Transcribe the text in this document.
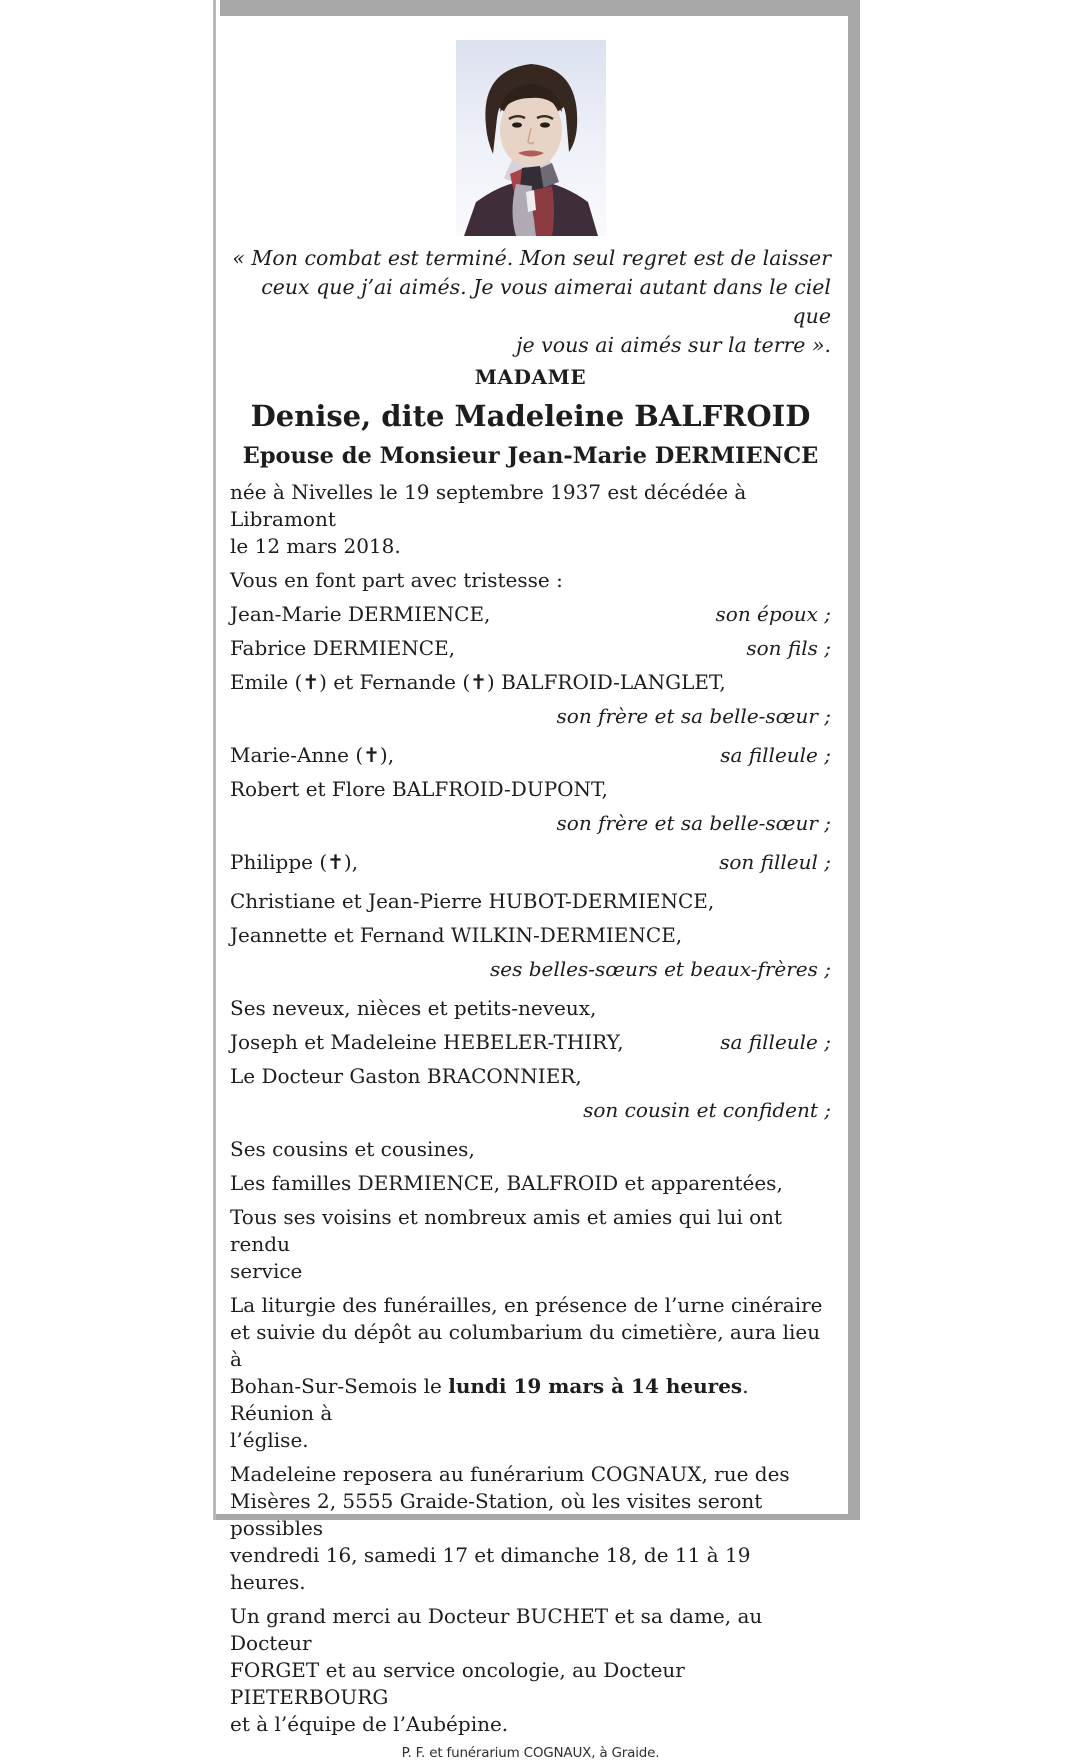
« Mon combat est terminé. Mon seul regret est de laisser
ceux que j’ai aimés. Je vous aimerai autant dans le ciel que
je vous ai aimés sur la terre ».
MADAME
Denise, dite Madeleine BALFROID
Epouse de Monsieur Jean-Marie DERMIENCE

née à Nivelles le 19 septembre 1937 est décédée à Libramont
le 12 mars 2018.

Vous en font part avec tristesse :

Jean-Marie DERMIENCE,	son époux ;
Fabrice DERMIENCE,	son fils ;
Emile (✝) et Fernande (✝) BALFROID-LANGLET,
son frère et sa belle-sœur ;
Marie-Anne (✝),	sa filleule ;
Robert et Flore BALFROID-DUPONT,
son frère et sa belle-sœur ;
Philippe (✝),	son filleul ;
Christiane et Jean-Pierre HUBOT-DERMIENCE,
Jeannette et Fernand WILKIN-DERMIENCE,
ses belles-sœurs et beaux-frères ;
Ses neveux, nièces et petits-neveux,
Joseph et Madeleine HEBELER-THIRY,	sa filleule ;
Le Docteur Gaston BRACONNIER,
son cousin et confident ;
Ses cousins et cousines,
Les familles DERMIENCE, BALFROID et apparentées,

Tous ses voisins et nombreux amis et amies qui lui ont rendu
service

La liturgie des funérailles, en présence de l’urne cinéraire
et suivie du dépôt au columbarium du cimetière, aura lieu à
Bohan-Sur-Semois le lundi 19 mars à 14 heures. Réunion à
l’église.

Madeleine reposera au funérarium COGNAUX, rue des
Misères 2, 5555 Graide-Station, où les visites seront possibles
vendredi 16, samedi 17 et dimanche 18, de 11 à 19 heures.

Un grand merci au Docteur BUCHET et sa dame, au Docteur
FORGET et au service oncologie, au Docteur PIETERBOURG
et à l’équipe de l’Aubépine.

P. F. et funérarium COGNAUX, à Graide.
